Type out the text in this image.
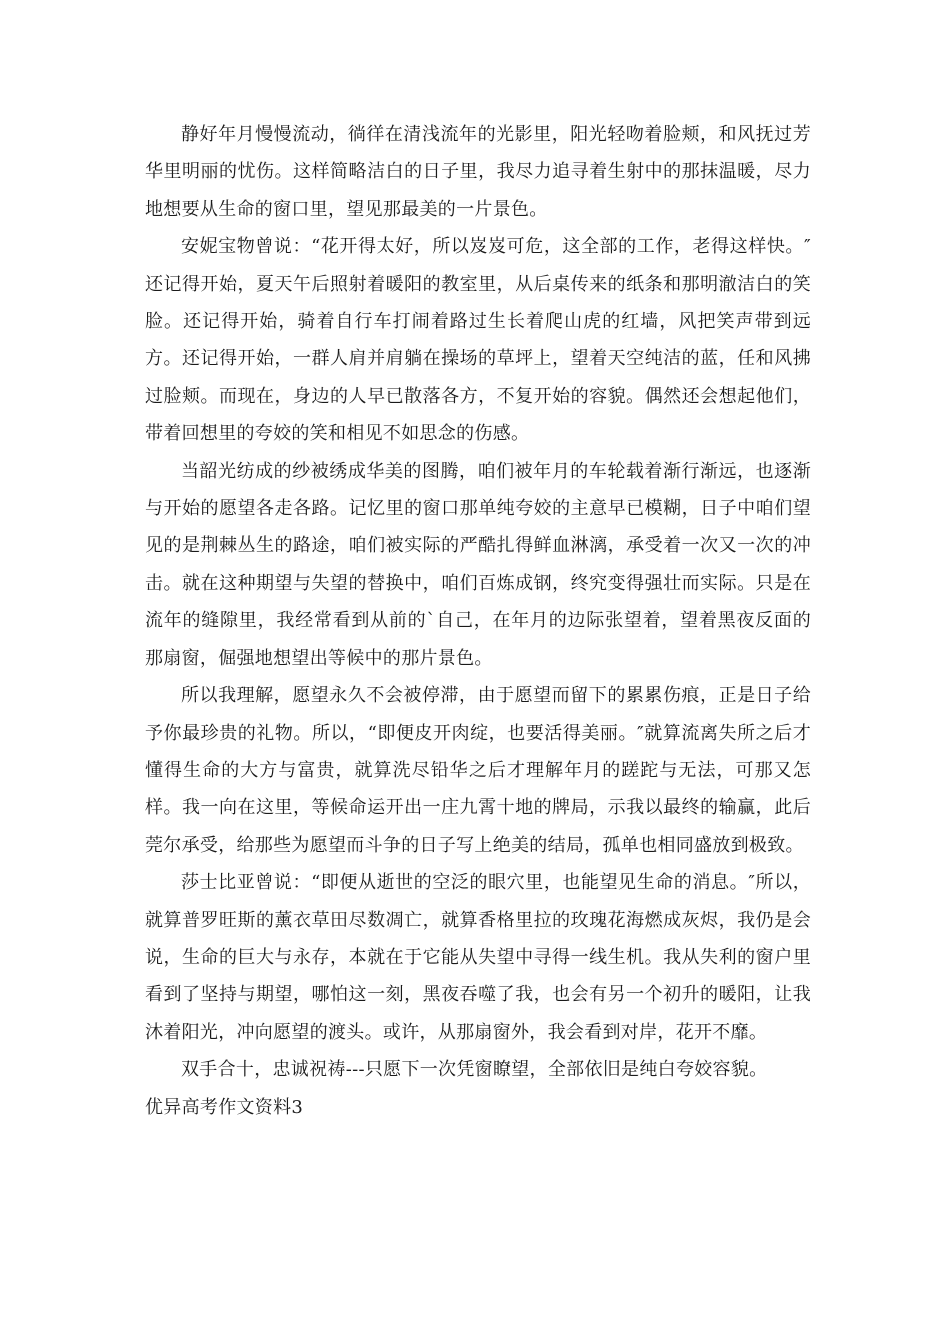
静好年月慢慢流动，徜徉在清浅流年的光影里，阳光轻吻着脸颊，和风抚过芳华里明丽的忧伤。这样简略洁白的日子里，我尽力追寻着生射中的那抹温暖，尽力地想要从生命的窗口里，望见那最美的一片景色。

安妮宝物曾说：“花开得太好，所以岌岌可危，这全部的工作，老得这样快。″还记得开始，夏天午后照射着暖阳的教室里，从后桌传来的纸条和那明澈洁白的笑脸。还记得开始，骑着自行车打闹着路过生长着爬山虎的红墙，风把笑声带到远方。还记得开始，一群人肩并肩躺在操场的草坪上，望着天空纯洁的蓝，任和风拂过脸颊。而现在，身边的人早已散落各方，不复开始的容貌。偶然还会想起他们，带着回想里的夸姣的笑和相见不如思念的伤感。

当韶光纺成的纱被绣成华美的图腾，咱们被年月的车轮载着渐行渐远，也逐渐与开始的愿望各走各路。记忆里的窗口那单纯夸姣的主意早已模糊，日子中咱们望见的是荆棘丛生的路途，咱们被实际的严酷扎得鲜血淋漓，承受着一次又一次的冲击。就在这种期望与失望的替换中，咱们百炼成钢，终究变得强壮而实际。只是在流年的缝隙里，我经常看到从前的`自己，在年月的边际张望着，望着黑夜反面的那扇窗，倔强地想望出等候中的那片景色。

所以我理解，愿望永久不会被停滞，由于愿望而留下的累累伤痕，正是日子给予你最珍贵的礼物。所以，“即便皮开肉绽，也要活得美丽。″就算流离失所之后才懂得生命的大方与富贵，就算洗尽铅华之后才理解年月的蹉跎与无法，可那又怎样。我一向在这里，等候命运开出一庄九霄十地的牌局，示我以最终的输赢，此后莞尔承受，给那些为愿望而斗争的日子写上绝美的结局，孤单也相同盛放到极致。

莎士比亚曾说：“即便从逝世的空泛的眼穴里，也能望见生命的消息。″所以，就算普罗旺斯的薰衣草田尽数凋亡，就算香格里拉的玫瑰花海燃成灰烬，我仍是会说，生命的巨大与永存，本就在于它能从失望中寻得一线生机。我从失利的窗户里看到了坚持与期望，哪怕这一刻，黑夜吞噬了我，也会有另一个初升的暖阳，让我沐着阳光，冲向愿望的渡头。或许，从那扇窗外，我会看到对岸，花开不靡。

双手合十，忠诚祝祷---只愿下一次凭窗瞭望，全部依旧是纯白夸姣容貌。

优异高考作文资料3
